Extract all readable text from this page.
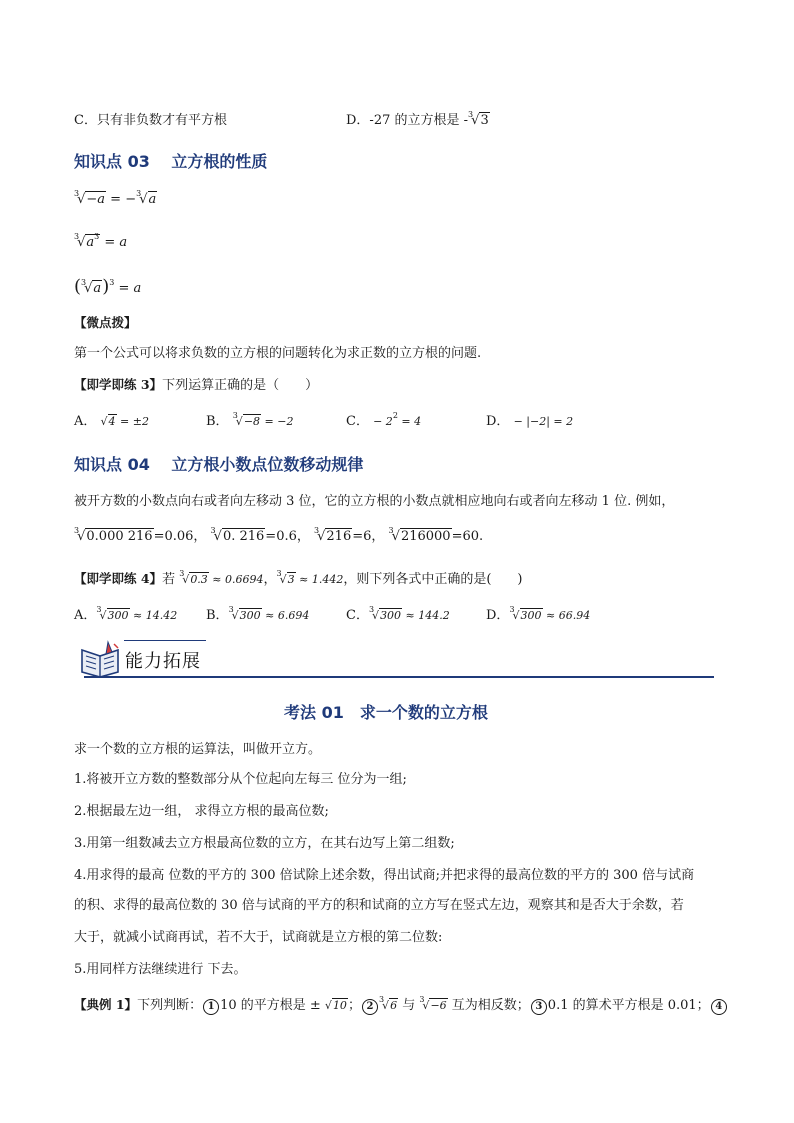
C．只有非负数才有平方根	D．-27 的立方根是 -$^3$√3
知识点 03　 立方根的性质
$^3$√−a = −$^3$√a
$^3√a^3 = a$
$(^3√a)^3 = a$
【微点拨】
第一个公式可以将求负数的立方根的问题转化为求正数的立方根的问题.
【即学即练 3】下列运算正确的是（　　）
A． √4 = ±2	B． $^3$√−8 = −2	C． − $2^2 = 4$	D． − |−2| = 2
知识点 04　 立方根小数点位数移动规律
被开方数的小数点向右或者向左移动 3 位，它的立方根的小数点就相应地向右或者向左移动 1 位. 例如，
$^3$√0.000 216=0.06， $^3$√0. 216=0.6， $^3$√216=6， $^3$√216000=60.
【即学即练 4】若 $^3$√0.3 ≈ 0.6694，$^3$√3 ≈ 1.442，则下列各式中正确的是(　　)
A．$^3$√300 ≈ 14.42 B．$^3$√300 ≈ 6.694	C．$^3$√300 ≈ 144.2	D．$^3$√300 ≈ 66.94
能力拓展
考法 01　求一个数的立方根
求一个数的立方根的运算法，叫做开立方。
1.将被开立方数的整数部分从个位起向左每三 位分为一组;
2.根据最左边一组， 求得立方根的最高位数;
3.用第一组数减去立方根最高位数的立方，在其右边写上第二组数;
4.用求得的最高 位数的平方的 300 倍试除上述余数，得出试商;并把求得的最高位数的平方的 300 倍与试商
的积、求得的最高位数的 30 倍与试商的平方的积和试商的立方写在竖式左边，观察其和是否大于余数，若
大于，就减小试商再试，若不大于，试商就是立方根的第二位数:
5.用同样方法继续进行 下去。
【典例 1】下列判断： 1 10 的平方根是 ± √10； $2^3√6$ 与 $^3$√−6 互为相反数； 3 0.1 的算术平方根是 0.01； 4
